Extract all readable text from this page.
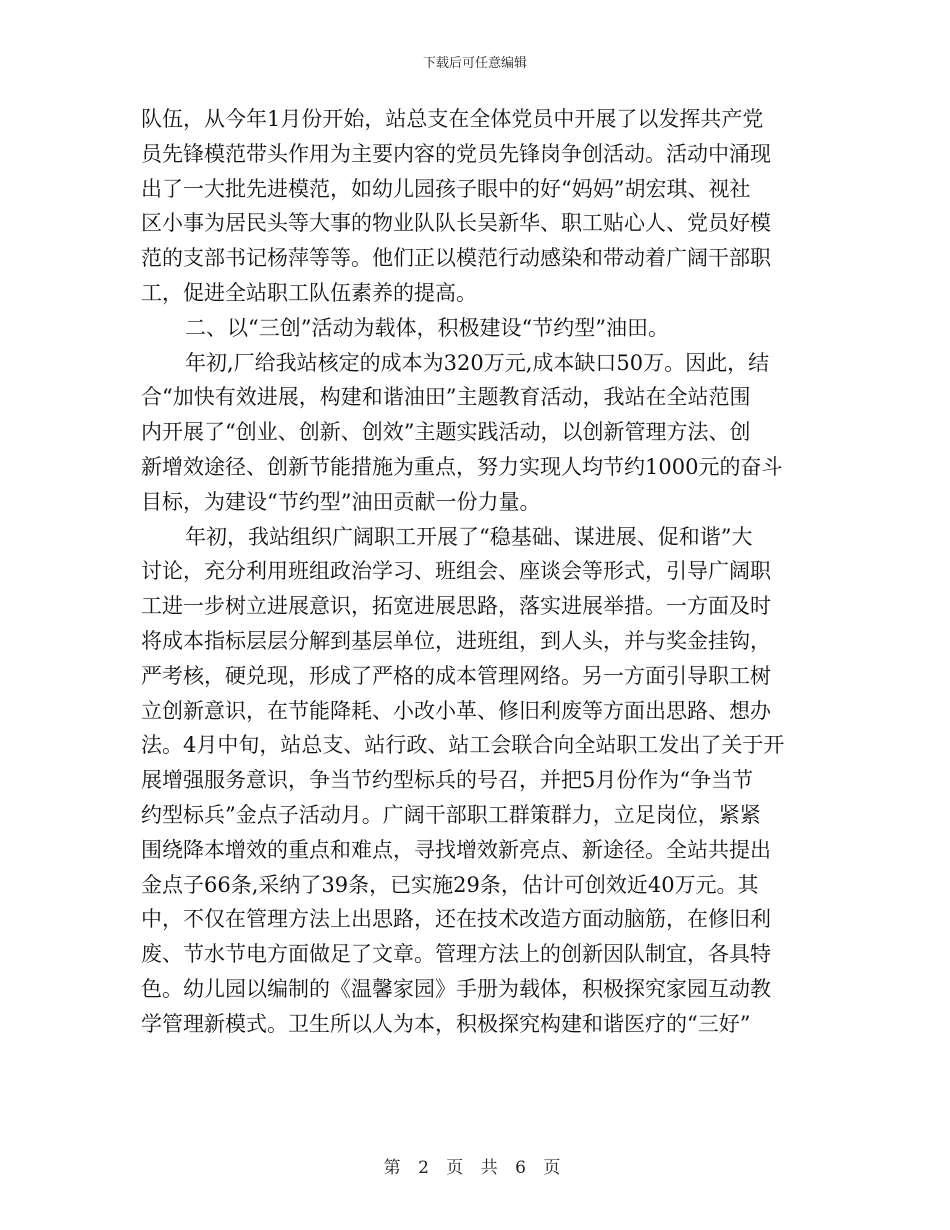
下载后可任意编辑
队伍，从今年1月份开始，站总支在全体党员中开展了以发挥共产党
员先锋模范带头作用为主要内容的党员先锋岗争创活动。活动中涌现
出了一大批先进模范，如幼儿园孩子眼中的好“妈妈”胡宏琪、视社
区小事为居民头等大事的物业队队长吴新华、职工贴心人、党员好模
范的支部书记杨萍等等。他们正以模范行动感染和带动着广阔干部职
工，促进全站职工队伍素养的提高。
二、以“三创”活动为载体，积极建设“节约型”油田。
年初,厂给我站核定的成本为320万元,成本缺口50万。因此，结
合“加快有效进展，构建和谐油田”主题教育活动，我站在全站范围
内开展了“创业、创新、创效”主题实践活动，以创新管理方法、创
新增效途径、创新节能措施为重点，努力实现人均节约1000元的奋斗
目标，为建设“节约型”油田贡献一份力量。
年初，我站组织广阔职工开展了“稳基础、谋进展、促和谐”大
讨论，充分利用班组政治学习、班组会、座谈会等形式，引导广阔职
工进一步树立进展意识，拓宽进展思路，落实进展举措。一方面及时
将成本指标层层分解到基层单位，进班组，到人头，并与奖金挂钩，
严考核，硬兑现，形成了严格的成本管理网络。另一方面引导职工树
立创新意识，在节能降耗、小改小革、修旧利废等方面出思路、想办
法。4月中旬，站总支、站行政、站工会联合向全站职工发出了关于开
展增强服务意识，争当节约型标兵的号召，并把5月份作为“争当节
约型标兵”金点子活动月。广阔干部职工群策群力，立足岗位，紧紧
围绕降本增效的重点和难点，寻找增效新亮点、新途径。全站共提出
金点子66条,采纳了39条，已实施29条，估计可创效近40万元。其
中，不仅在管理方法上出思路，还在技术改造方面动脑筋，在修旧利
废、节水节电方面做足了文章。管理方法上的创新因队制宜，各具特
色。幼儿园以编制的《温馨家园》手册为载体，积极探究家园互动教
学管理新模式。卫生所以人为本，积极探究构建和谐医疗的“三好”
第 2 页 共 6 页
